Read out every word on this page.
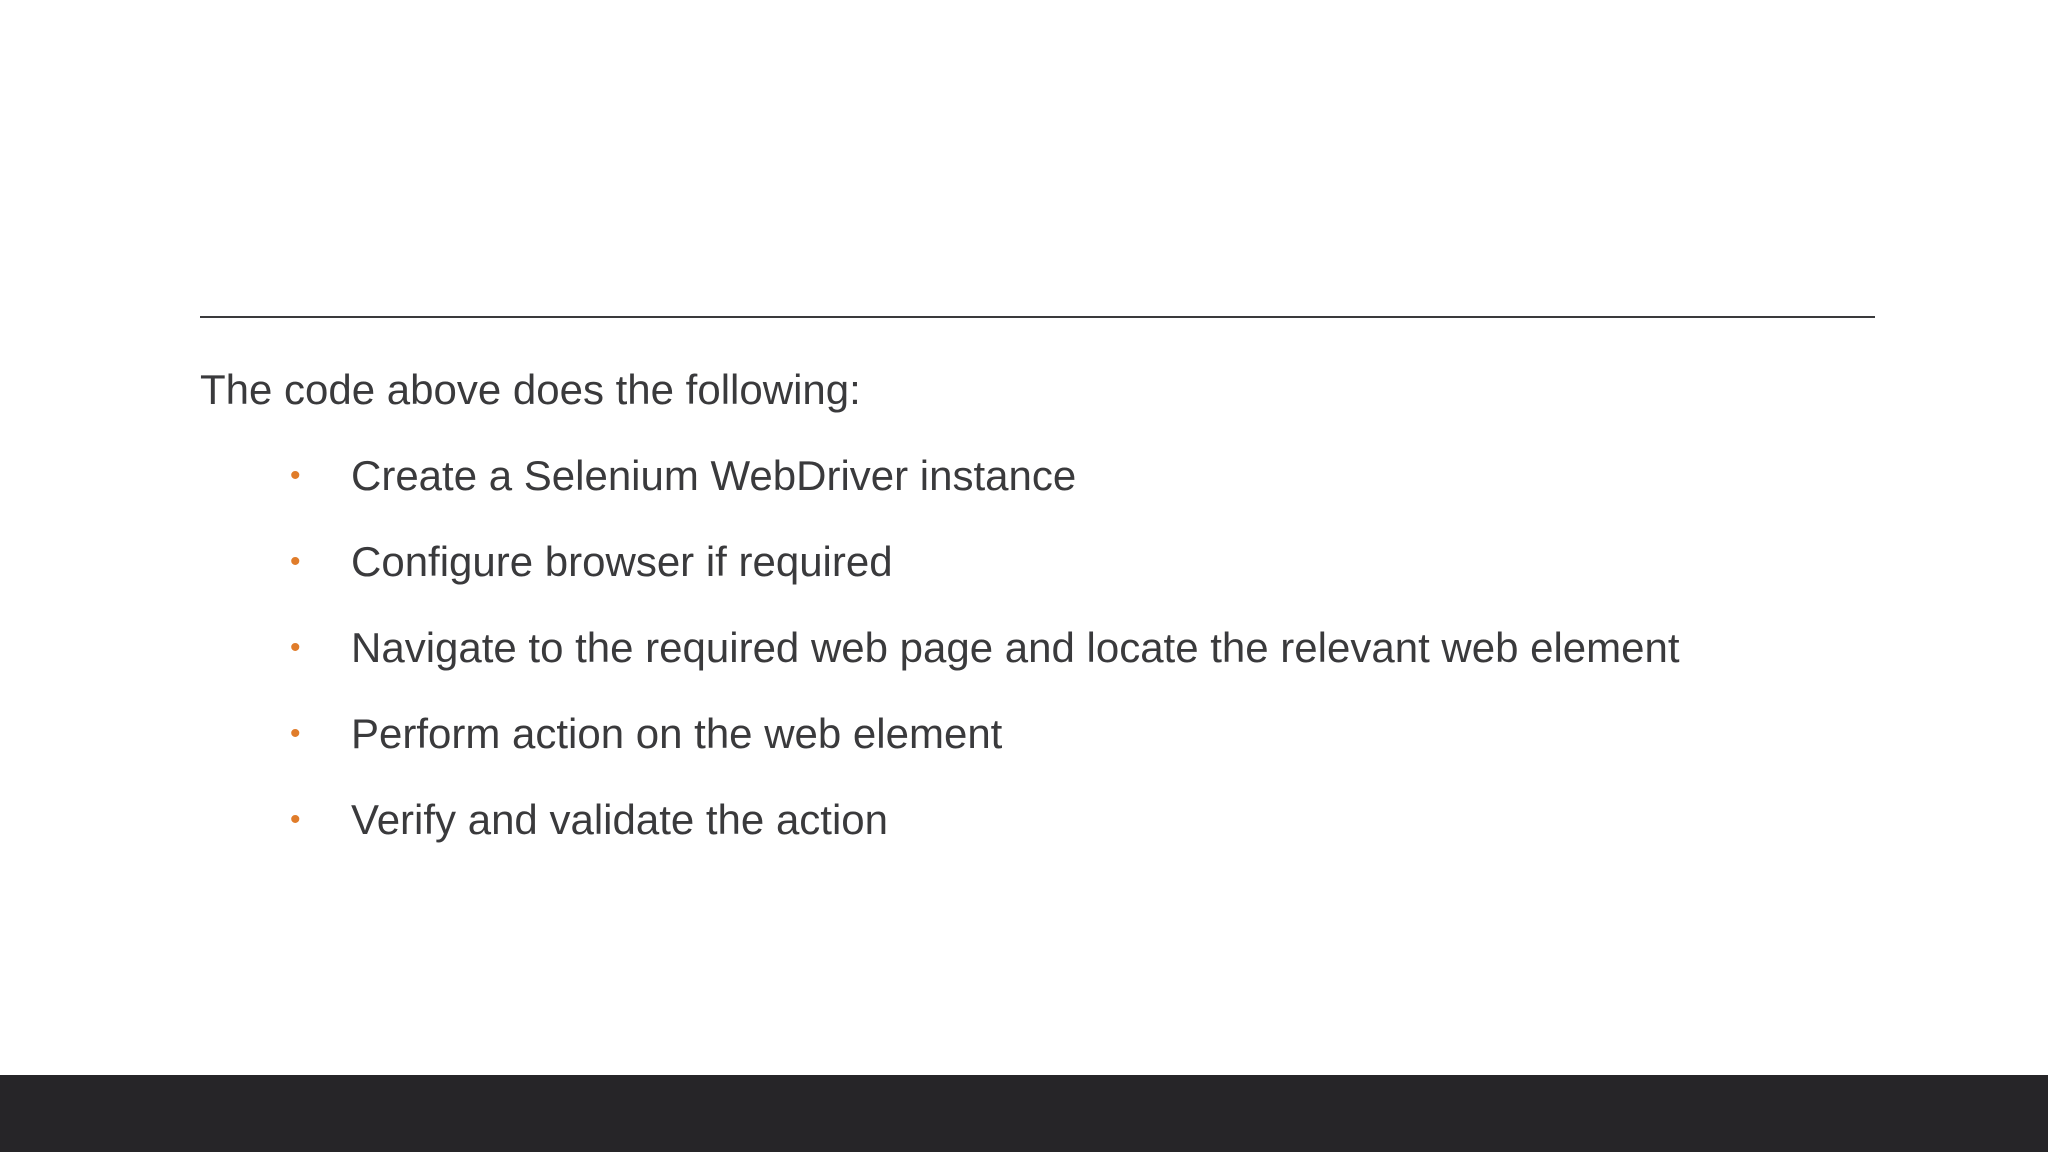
The code above does the following:

• Create a Selenium WebDriver instance
• Configure browser if required
• Navigate to the required web page and locate the relevant web element
• Perform action on the web element
• Verify and validate the action
